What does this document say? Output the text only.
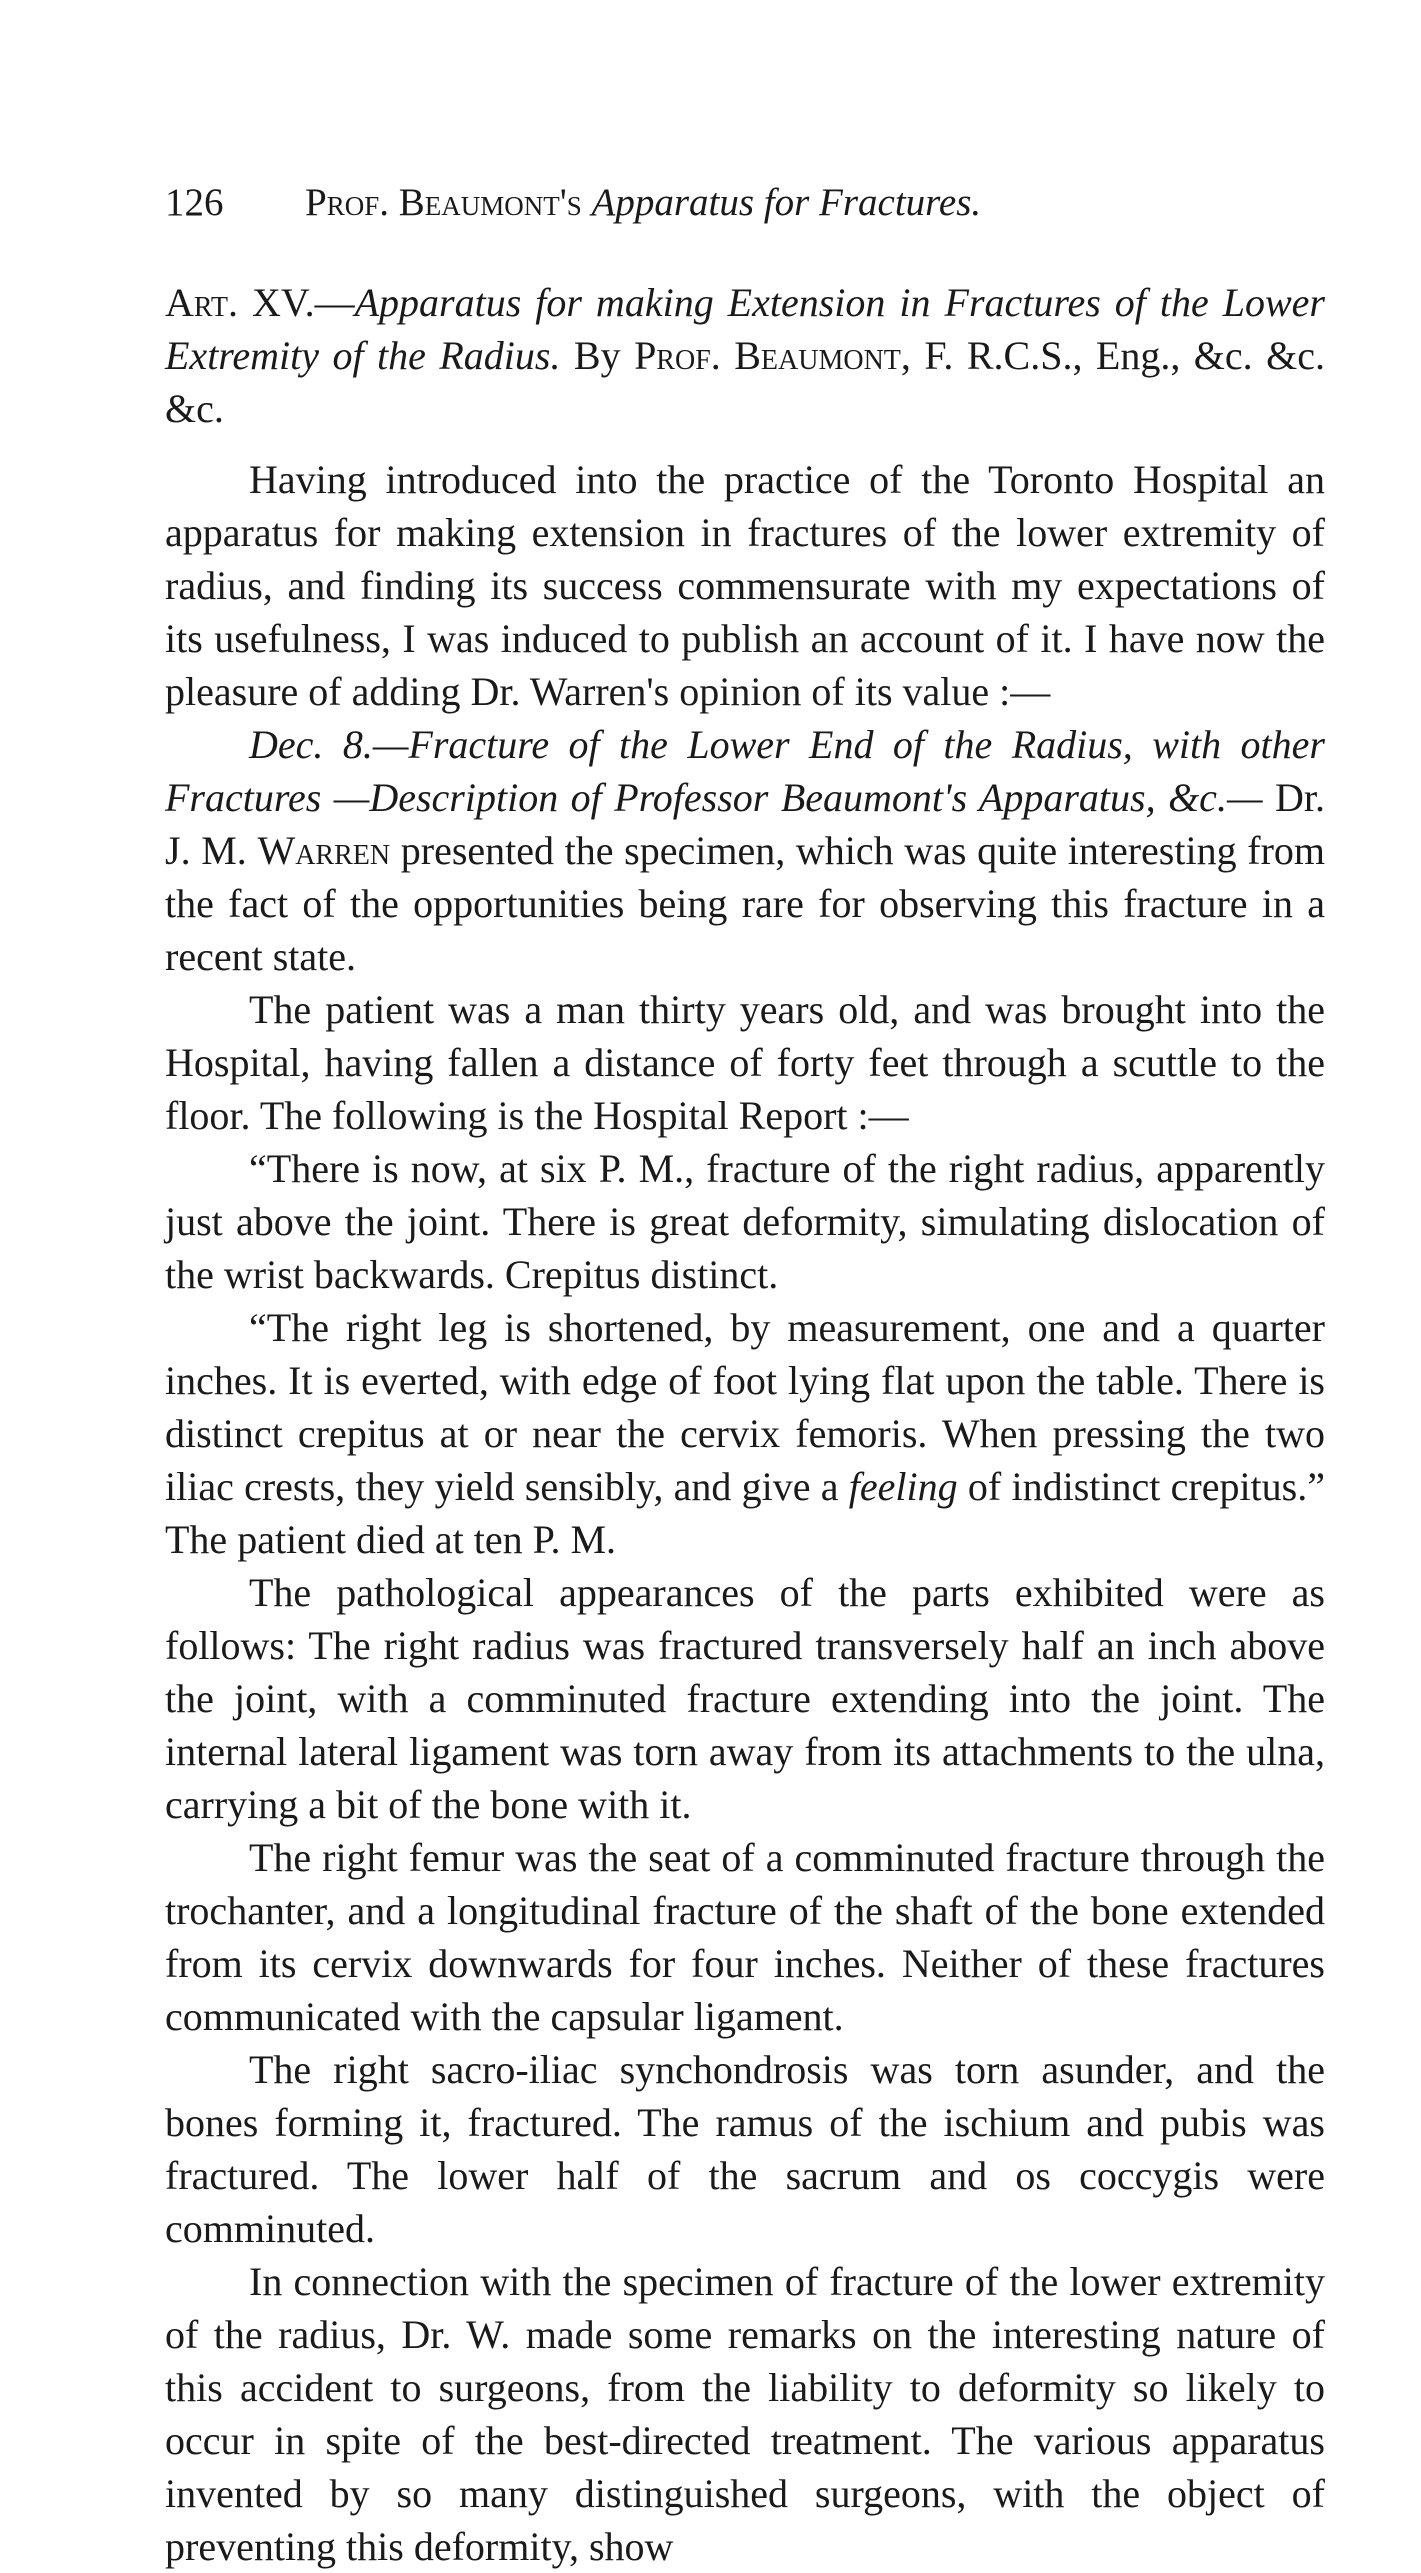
126 Prof. Beaumont's Apparatus for Fractures.
Art. XV.—Apparatus for making Extension in Fractures of the Lower Extremity of the Radius. By Prof. Beaumont, F. R.C.S., Eng., &c. &c. &c.

Having introduced into the practice of the Toronto Hospital an apparatus for making extension in fractures of the lower extremity of radius, and finding its success commensurate with my expectations of its usefulness, I was induced to publish an account of it. I have now the pleasure of adding Dr. Warren's opinion of its value :—

Dec. 8.—Fracture of the Lower End of the Radius, with other Fractures —Description of Professor Beaumont's Apparatus, &c.— Dr. J. M. Warren presented the specimen, which was quite interesting from the fact of the opportunities being rare for observing this fracture in a recent state.

The patient was a man thirty years old, and was brought into the Hospital, having fallen a distance of forty feet through a scuttle to the floor. The following is the Hospital Report :—

“There is now, at six P. M., fracture of the right radius, apparently just above the joint. There is great deformity, simulating dislocation of the wrist backwards. Crepitus distinct.

“The right leg is shortened, by measurement, one and a quarter inches. It is everted, with edge of foot lying flat upon the table. There is distinct crepitus at or near the cervix femoris. When pressing the two iliac crests, they yield sensibly, and give a feeling of indistinct crepitus.” The patient died at ten P. M.

The pathological appearances of the parts exhibited were as follows: The right radius was fractured transversely half an inch above the joint, with a comminuted fracture extending into the joint. The internal lateral ligament was torn away from its attachments to the ulna, carrying a bit of the bone with it.

The right femur was the seat of a comminuted fracture through the trochanter, and a longitudinal fracture of the shaft of the bone extended from its cervix downwards for four inches. Neither of these fractures communicated with the capsular ligament.

The right sacro-iliac synchondrosis was torn asunder, and the bones forming it, fractured. The ramus of the ischium and pubis was fractured. The lower half of the sacrum and os coccygis were comminuted.

In connection with the specimen of fracture of the lower extremity of the radius, Dr. W. made some remarks on the interesting nature of this accident to surgeons, from the liability to deformity so likely to occur in spite of the best-directed treatment. The various apparatus invented by so many distinguished surgeons, with the object of preventing this deformity, show
